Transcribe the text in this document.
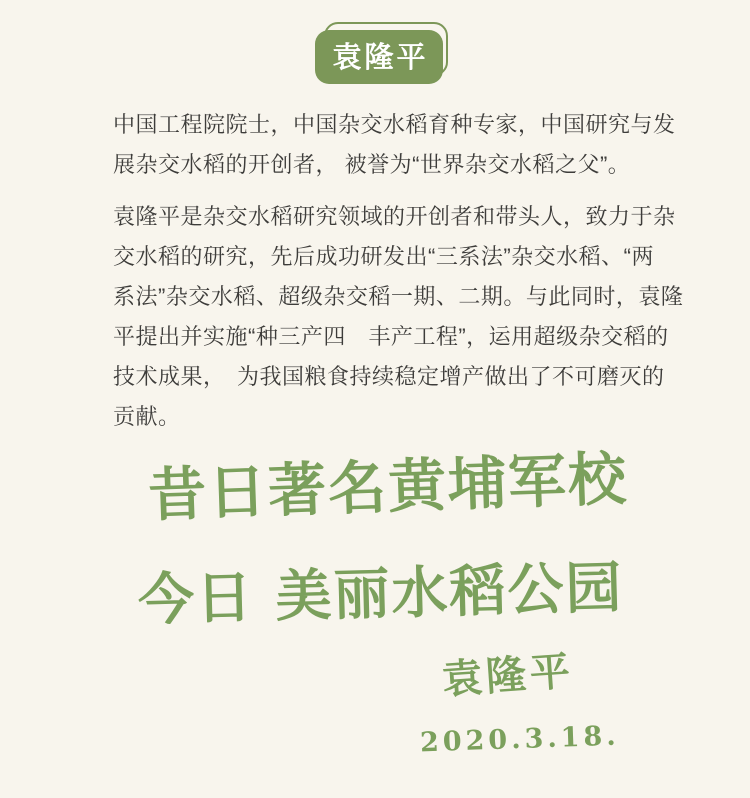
袁隆平
中国工程院院士，中国杂交水稻育种专家，中国研究与发
展杂交水稻的开创者， 被誉为“世界杂交水稻之父”。
袁隆平是杂交水稻研究领域的开创者和带头人，致力于杂
交水稻的研究，先后成功研发出“三系法”杂交水稻、“两
系法”杂交水稻、超级杂交稻一期、二期。与此同时，袁隆
平提出并实施“种三产四　丰产工程”，运用超级杂交稻的
技术成果，　为我国粮食持续稳定增产做出了不可磨灭的
贡献。
昔日著名黄埔军校
今日 美丽水稻公园
袁隆平
2020.3.18.
